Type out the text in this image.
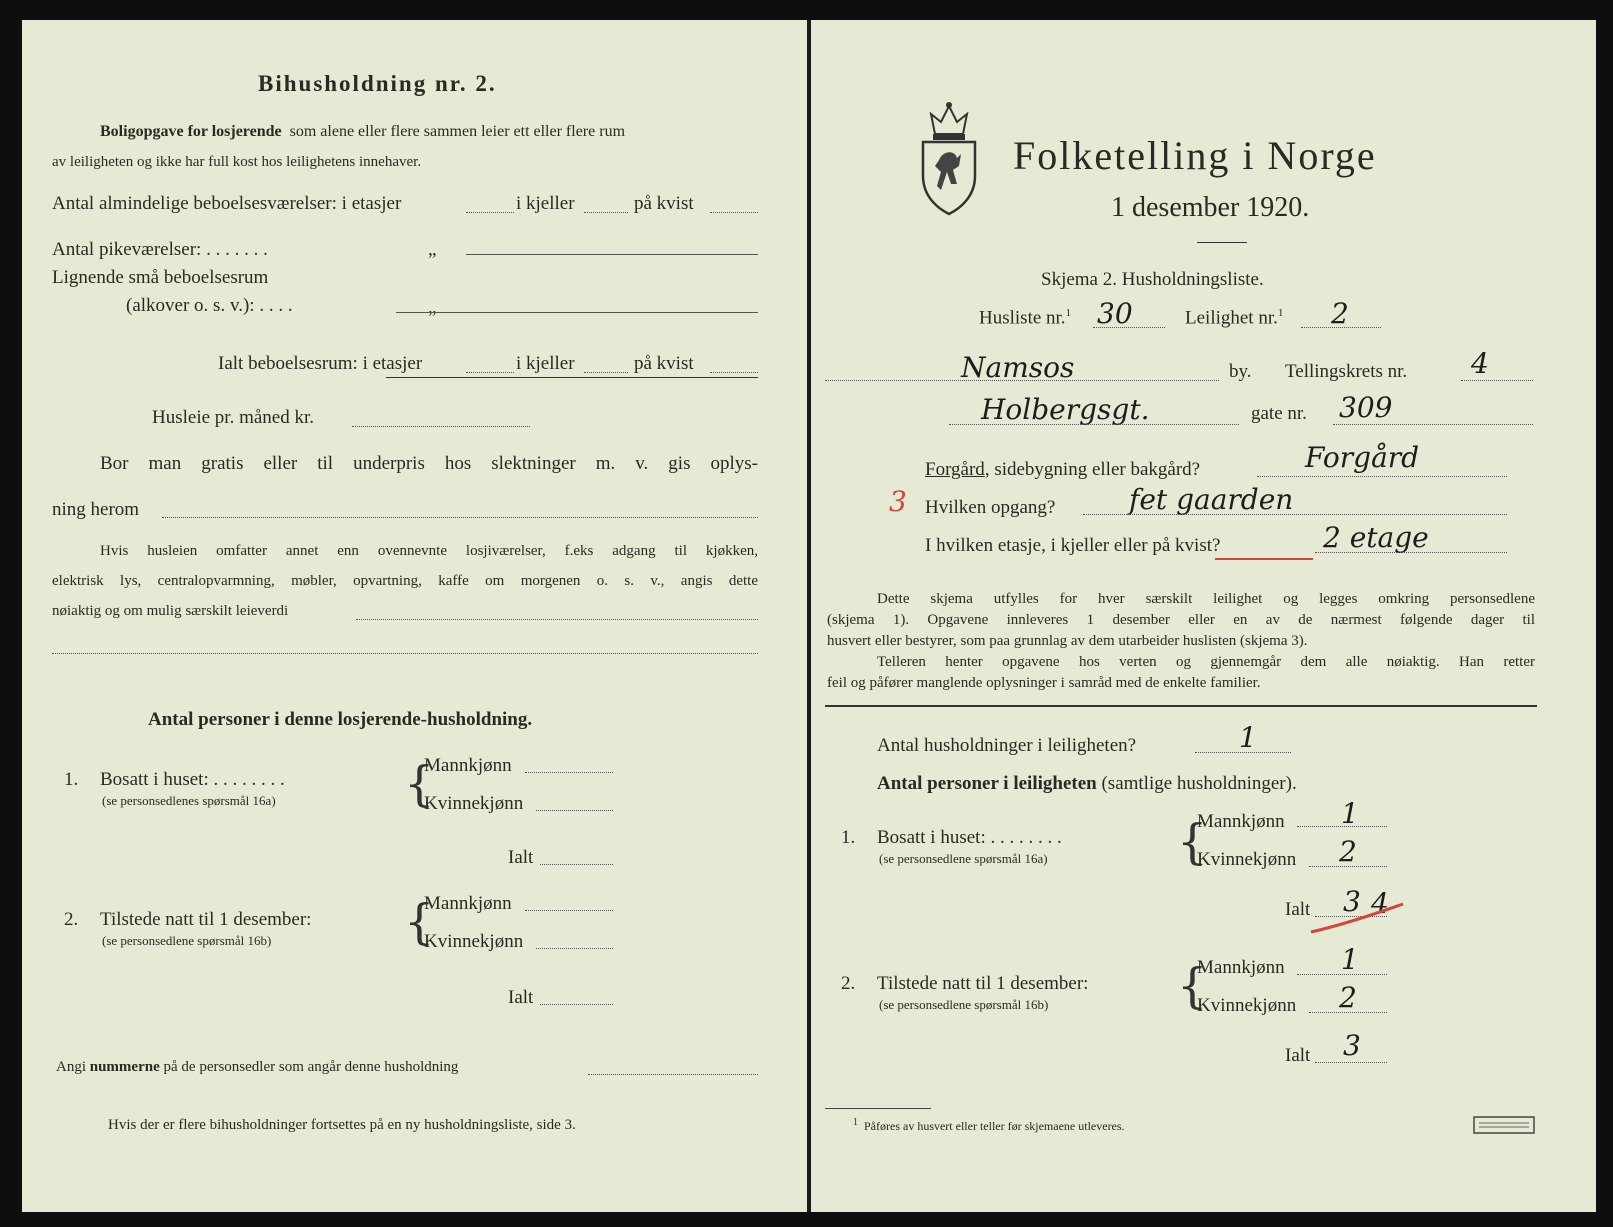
Bihusholdning nr. 2.
Boligopgave for losjerende som alene eller flere sammen leier ett eller flere rum
av leiligheten og ikke har full kost hos leilighetens innehaver.
Antal almindelige beboelsesværelser: i etasjer	i kjeller	på kvist
Antal pikeværelser: . . . . . . .	„
Lignende små beboelsesrum
(alkover o. s. v.): . . . .	„
Ialt beboelsesrum: i etasjer	i kjeller	på kvist
Husleie pr. måned kr.
Bor man gratis eller til underpris hos slektninger m. v. gis oplys-
ning herom
Hvis husleien omfatter annet enn ovennevnte losjiværelser, f.eks adgang til kjøkken,
elektrisk lys, centralopvarmning, møbler, opvartning, kaffe om morgenen o. s. v., angis dette
nøiaktig og om mulig særskilt leieverdi
Antal personer i denne losjerende-husholdning.
1. Bosatt i huset: . . . . . . . .
(se personsedlenes spørsmål 16a)	{
Mannkjønn
Kvinnekjønn
Ialt
2. Tilstede natt til 1 desember:
(se personsedlene spørsmål 16b)	{
Mannkjønn
Kvinnekjønn
Ialt
Angi nummerne på de personsedler som angår denne husholdning
Hvis der er flere bihusholdninger fortsettes på en ny husholdningsliste, side 3.
Folketelling i Norge
1 desember 1920.
Skjema 2. Husholdningsliste.
Husliste nr.$^1$ 30	Leilighet nr.$^1$ 2
Namsos	by. Tellingskrets nr. 4
Holbergsgt.	gate nr. 309
Forgård, sidebygning eller bakgård?	Forgård
3 Hvilken opgang?	fet gaarden
I hvilken etasje, i kjeller eller på kvist?	2 etage
Dette skjema utfylles for hver særskilt leilighet og legges omkring personsedlene
(skjema 1). Opgavene innleveres 1 desember eller en av de nærmest følgende dager til
husvert eller bestyrer, som paa grunnlag av dem utarbeider huslisten (skjema 3).
Telleren henter opgavene hos verten og gjennemgår dem alle nøiaktig. Han retter
feil og påfører manglende oplysninger i samråd med de enkelte familier.
Antal husholdninger i leiligheten?	1
Antal personer i leiligheten (samtlige husholdninger).
1. Bosatt i huset: . . . . . . . .
(se personsedlene spørsmål 16a)	{
Mannkjønn 1
Kvinnekjønn 2
Ialt 3 4
2. Tilstede natt til 1 desember:
(se personsedlene spørsmål 16b)	{
Mannkjønn 1
Kvinnekjønn 2
Ialt 3
$^1$ Påføres av husvert eller teller før skjemaene utleveres.
